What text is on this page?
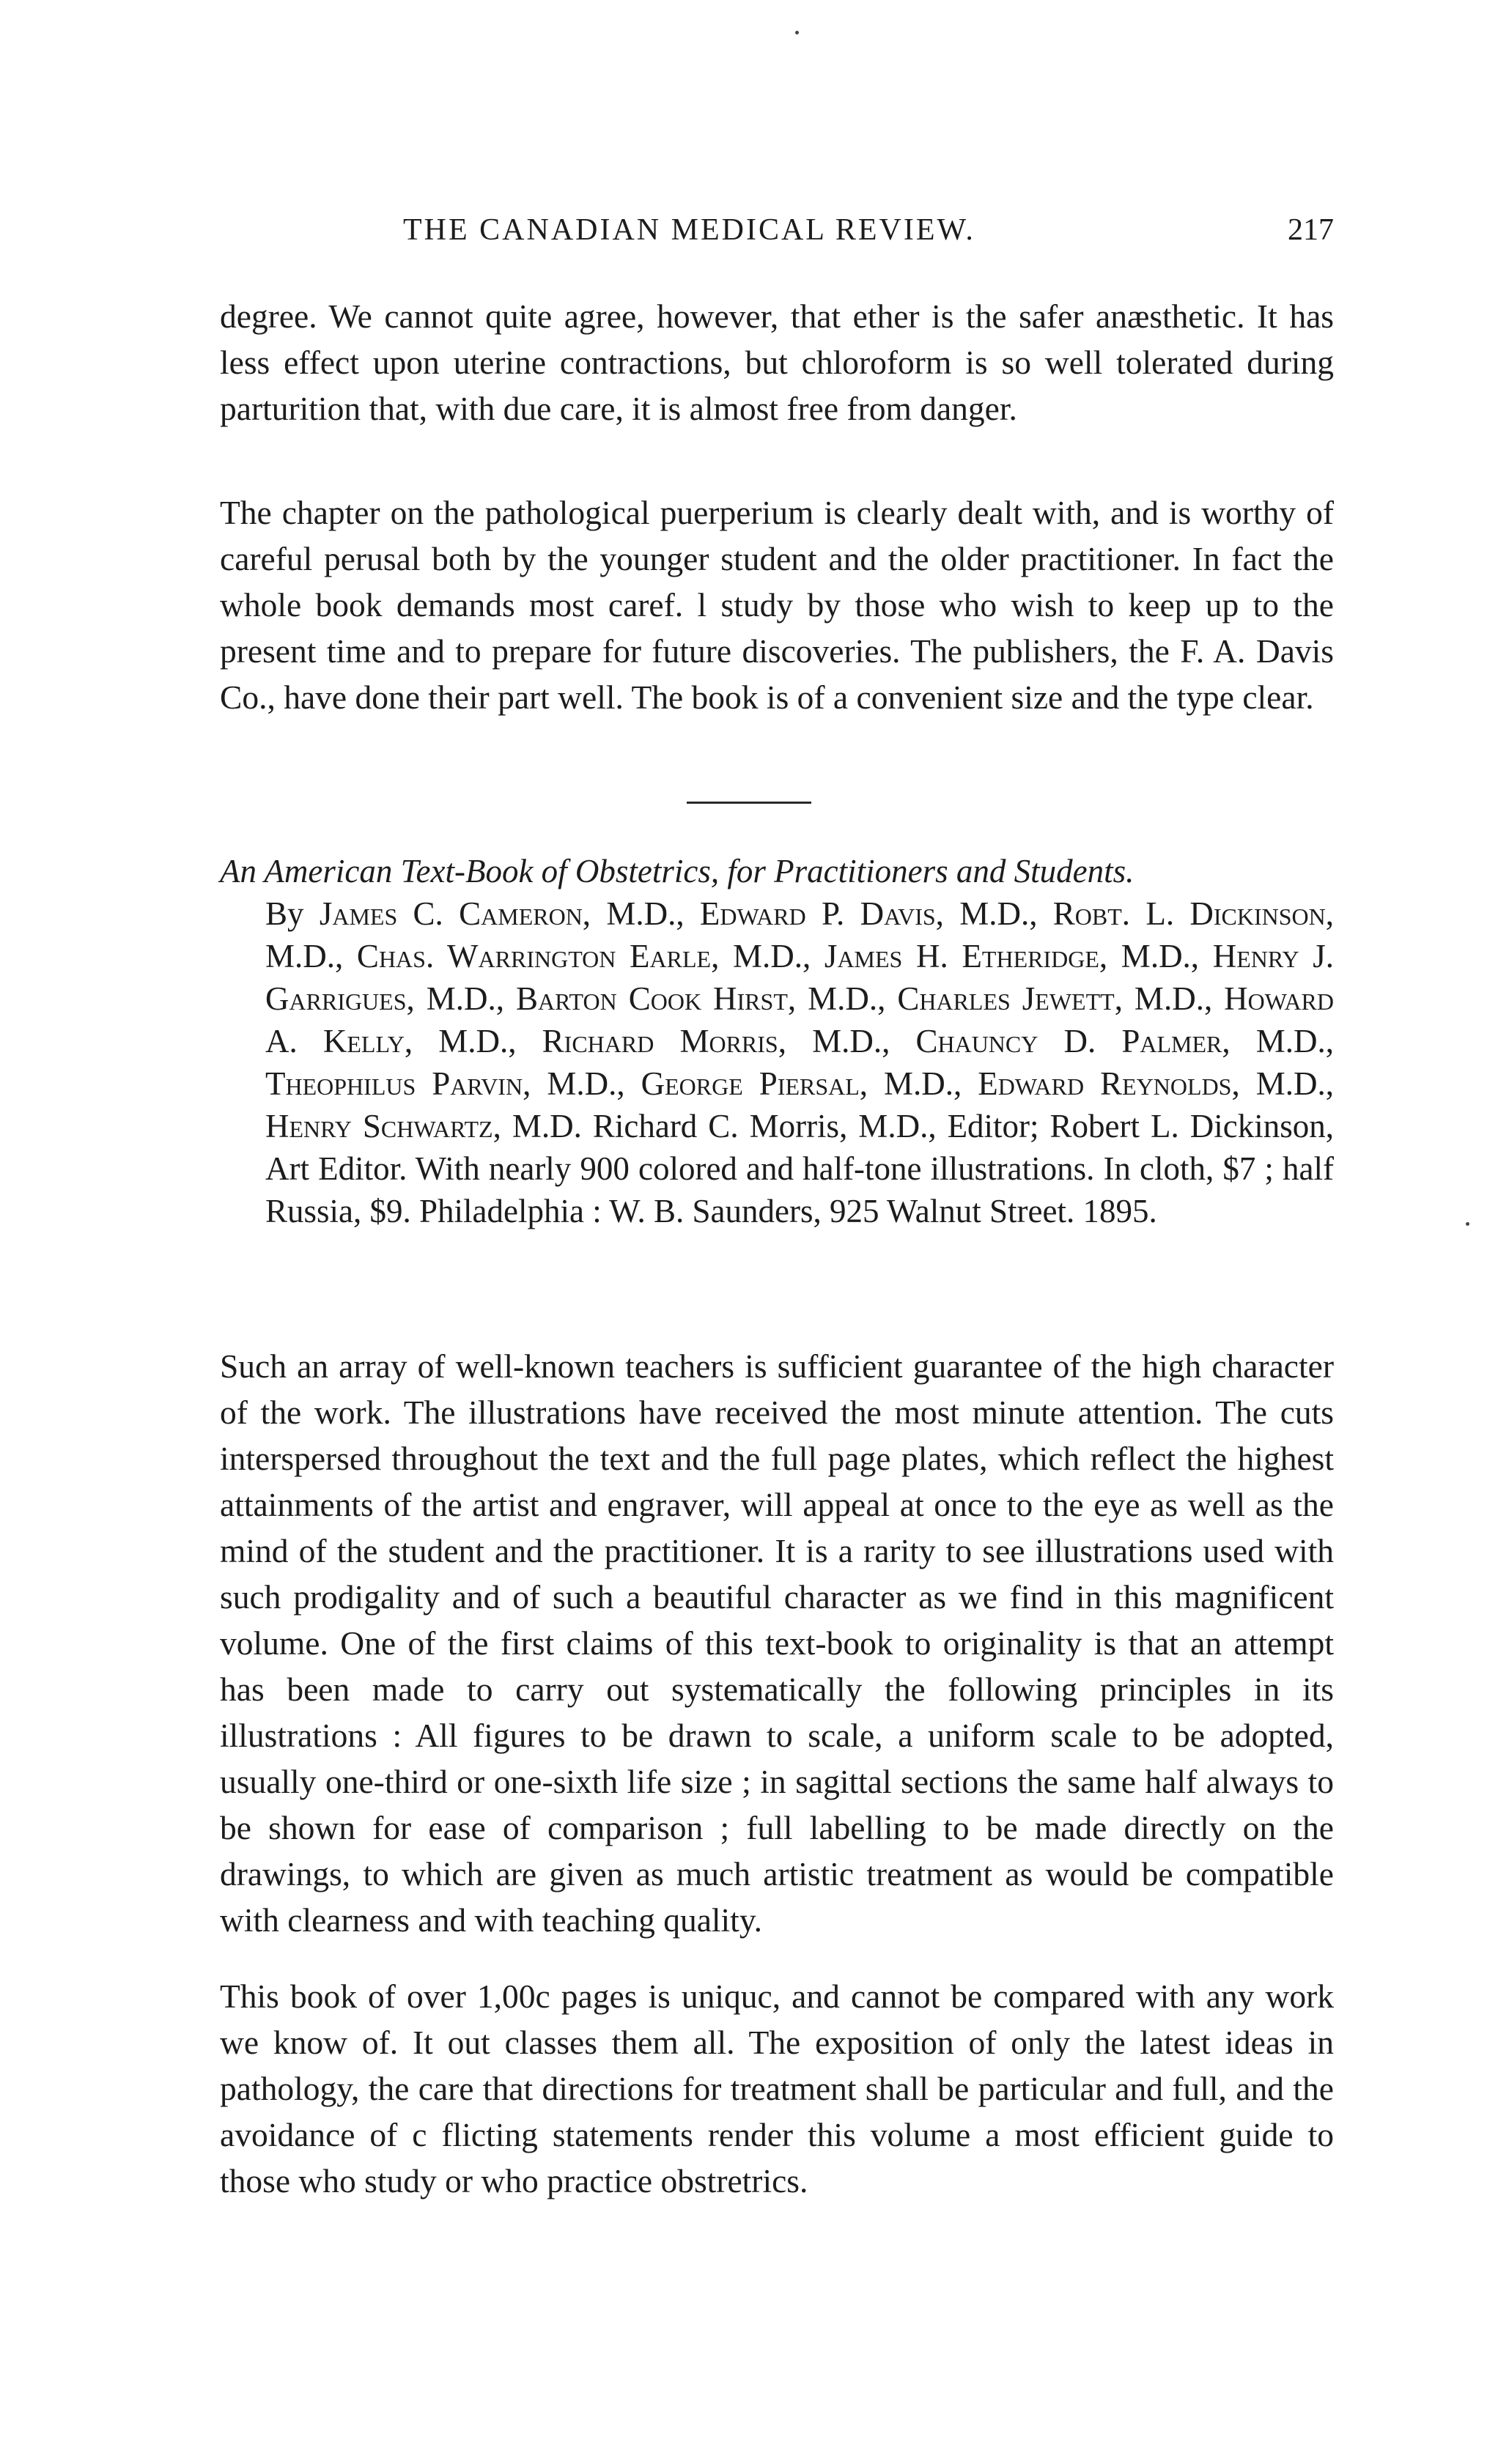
THE CANADIAN MEDICAL REVIEW.	217

degree. We cannot quite agree, however, that ether is the safer anæsthetic. It has less effect upon uterine contractions, but chloroform is so well tolerated during parturition that, with due care, it is almost free from danger.

The chapter on the pathological puerperium is clearly dealt with, and is worthy of careful perusal both by the younger student and the older practitioner. In fact the whole book demands most caref. l study by those who wish to keep up to the present time and to prepare for future discoveries. The publishers, the F. A. Davis Co., have done their part well. The book is of a convenient size and the type clear.

An American Text-Book of Obstetrics, for Practitioners and Students.
By James C. Cameron, M.D., Edward P. Davis, M.D., Robt. L. Dickinson, M.D., Chas. Warrington Earle, M.D., James H. Etheridge, M.D., Henry J. Garrigues, M.D., Barton Cook Hirst, M.D., Charles Jewett, M.D., Howard A. Kelly, M.D., Richard Morris, M.D., Chauncy D. Palmer, M.D., Theophilus Parvin, M.D., George Piersal, M.D., Edward Reynolds, M.D., Henry Schwartz, M.D. Richard C. Morris, M.D., Editor; Robert L. Dickinson, Art Editor. With nearly 900 colored and half-tone illustrations. In cloth, $7 ; half Russia, $9. Philadelphia : W. B. Saunders, 925 Walnut Street. 1895.

Such an array of well-known teachers is sufficient guarantee of the high character of the work. The illustrations have received the most minute attention. The cuts interspersed throughout the text and the full page plates, which reflect the highest attainments of the artist and engraver, will appeal at once to the eye as well as the mind of the student and the practitioner. It is a rarity to see illustrations used with such prodigality and of such a beautiful character as we find in this magnificent volume. One of the first claims of this text-book to originality is that an attempt has been made to carry out systematically the following principles in its illustrations : All figures to be drawn to scale, a uniform scale to be adopted, usually one-third or one-sixth life size ; in sagittal sections the same half always to be shown for ease of comparison ; full labelling to be made directly on the drawings, to which are given as much artistic treatment as would be compatible with clearness and with teaching quality.

This book of over 1,00c pages is uniquc, and cannot be compared with any work we know of. It out classes them all. The exposition of only the latest ideas in pathology, the care that directions for treatment shall be particular and full, and the avoidance of c flicting statements render this volume a most efficient guide to those who study or who practice obstretrics.
